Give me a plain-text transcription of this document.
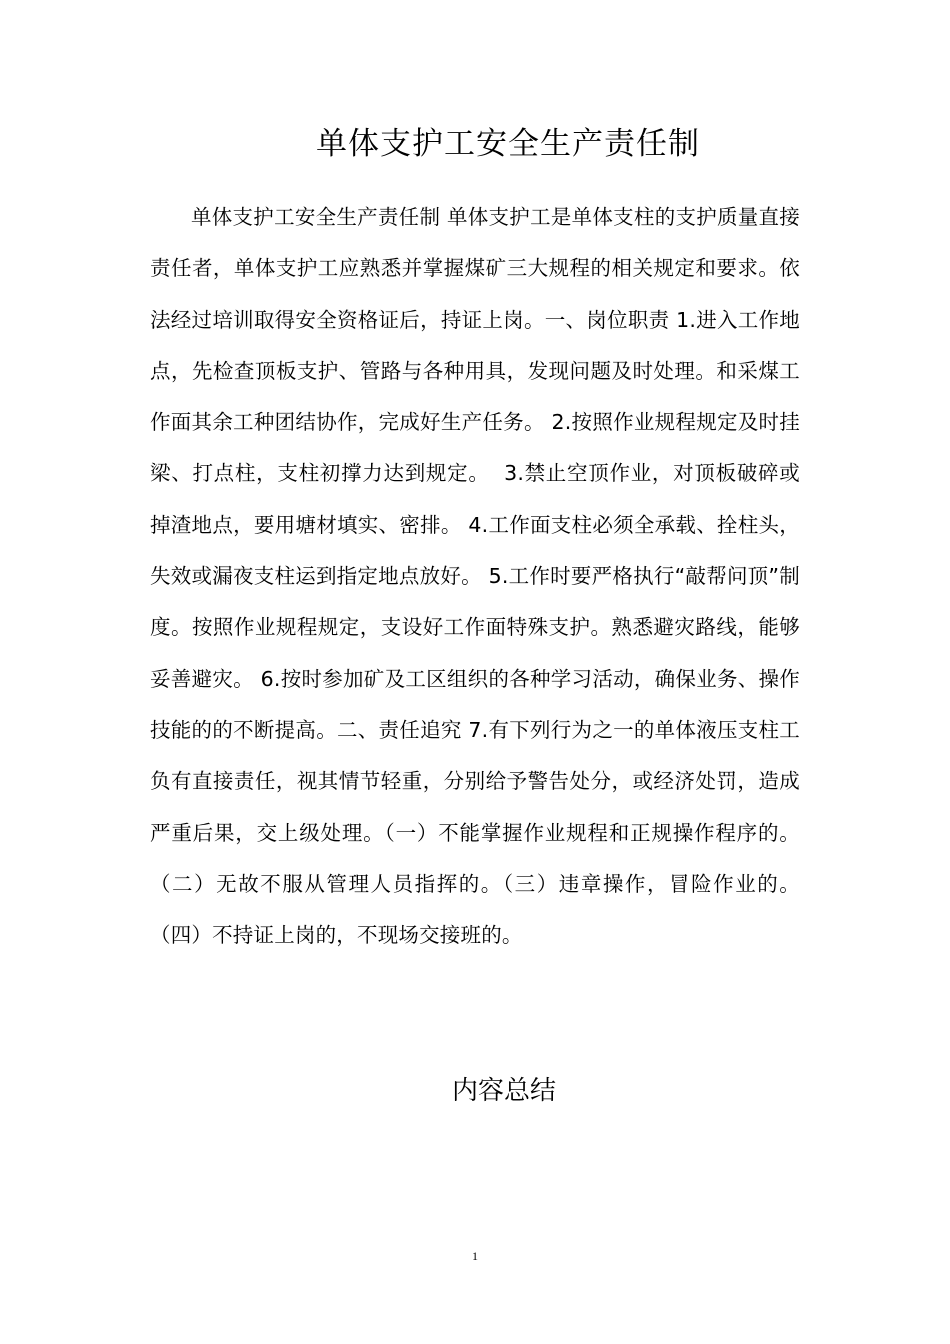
单体支护工安全生产责任制
单体支护工安全生产责任制 单体支护工是单体支柱的支护质量直接责任者，单体支护工应熟悉并掌握煤矿三大规程的相关规定和要求。依法经过培训取得安全资格证后，持证上岗。一、岗位职责 1.进入工作地点，先检查顶板支护、管路与各种用具，发现问题及时处理。和采煤工作面其余工种团结协作，完成好生产任务。 2.按照作业规程规定及时挂梁、打点柱，支柱初撑力达到规定。  3.禁止空顶作业，对顶板破碎或掉渣地点，要用塘材填实、密排。 4.工作面支柱必须全承载、拴柱头，失效或漏夜支柱运到指定地点放好。 5.工作时要严格执行“敲帮问顶”制度。按照作业规程规定，支设好工作面特殊支护。熟悉避灾路线，能够妥善避灾。 6.按时参加矿及工区组织的各种学习活动，确保业务、操作技能的的不断提高。二、责任追究 7.有下列行为之一的单体液压支柱工负有直接责任，视其情节轻重，分别给予警告处分，或经济处罚，造成严重后果，交上级处理。（一）不能掌握作业规程和正规操作程序的。（二）无故不服从管理人员指挥的。（三）违章操作，冒险作业的。（四）不持证上岗的，不现场交接班的。
内容总结
1
